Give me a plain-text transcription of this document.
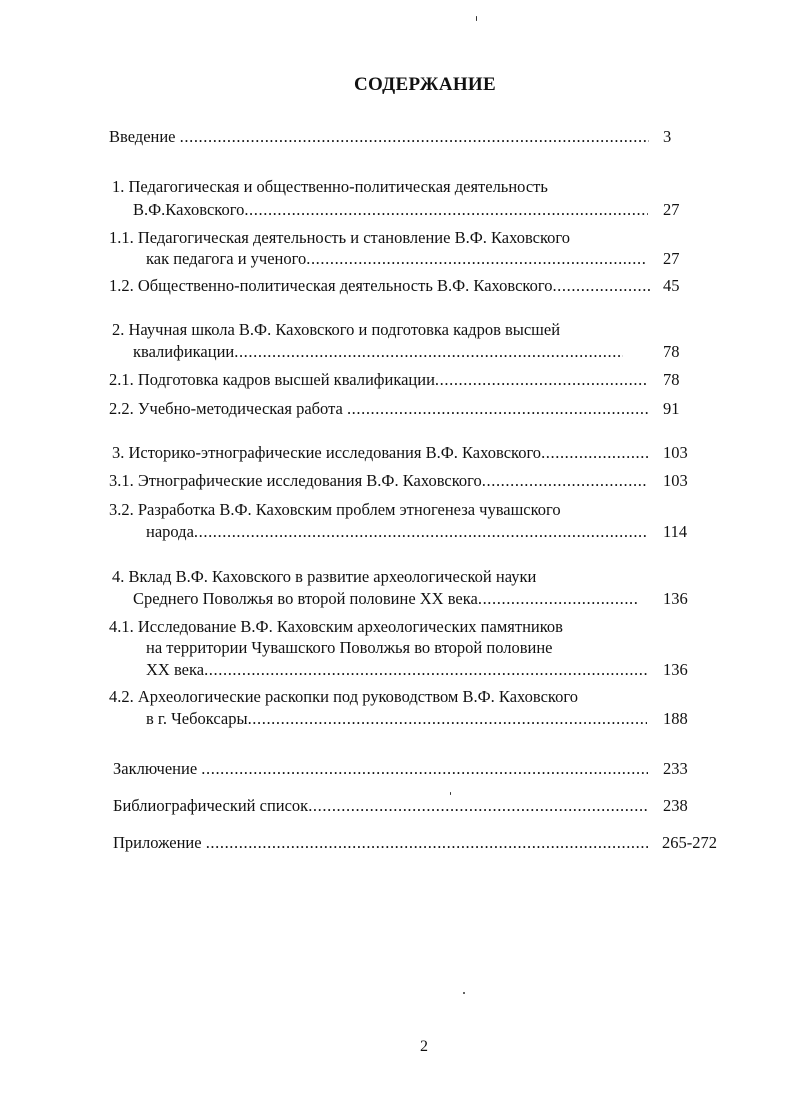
СОДЕРЖАНИЕ
Введение .....	3
1. Педагогическая и общественно-политическая деятельность
В.Ф.Каховского .....	27
1.1. Педагогическая деятельность и становление В.Ф. Каховского
как педагога и ученого .....	27
1.2. Общественно-политическая деятельность В.Ф. Каховского .....	45
2. Научная школа В.Ф. Каховского и подготовка кадров высшей
квалификации .....	78
2.1. Подготовка кадров высшей квалификации .....	78
2.2. Учебно-методическая работа .....	91
3. Историко-этнографические исследования В.Ф. Каховского .....	103
3.1. Этнографические исследования В.Ф. Каховского .....	103
3.2. Разработка В.Ф. Каховским проблем этногенеза чувашского
народа .....	114
4. Вклад В.Ф. Каховского в развитие археологической науки
Среднего Поволжья во второй половине XX века .....	136
4.1. Исследование В.Ф. Каховским археологических памятников
на территории Чувашского Поволжья во второй половине
XX века .....	136
4.2. Археологические раскопки под руководством В.Ф. Каховского
в г. Чебоксары .....	188
Заключение .....	233
Библиографический список .....	238
Приложение .....	265-272
2
